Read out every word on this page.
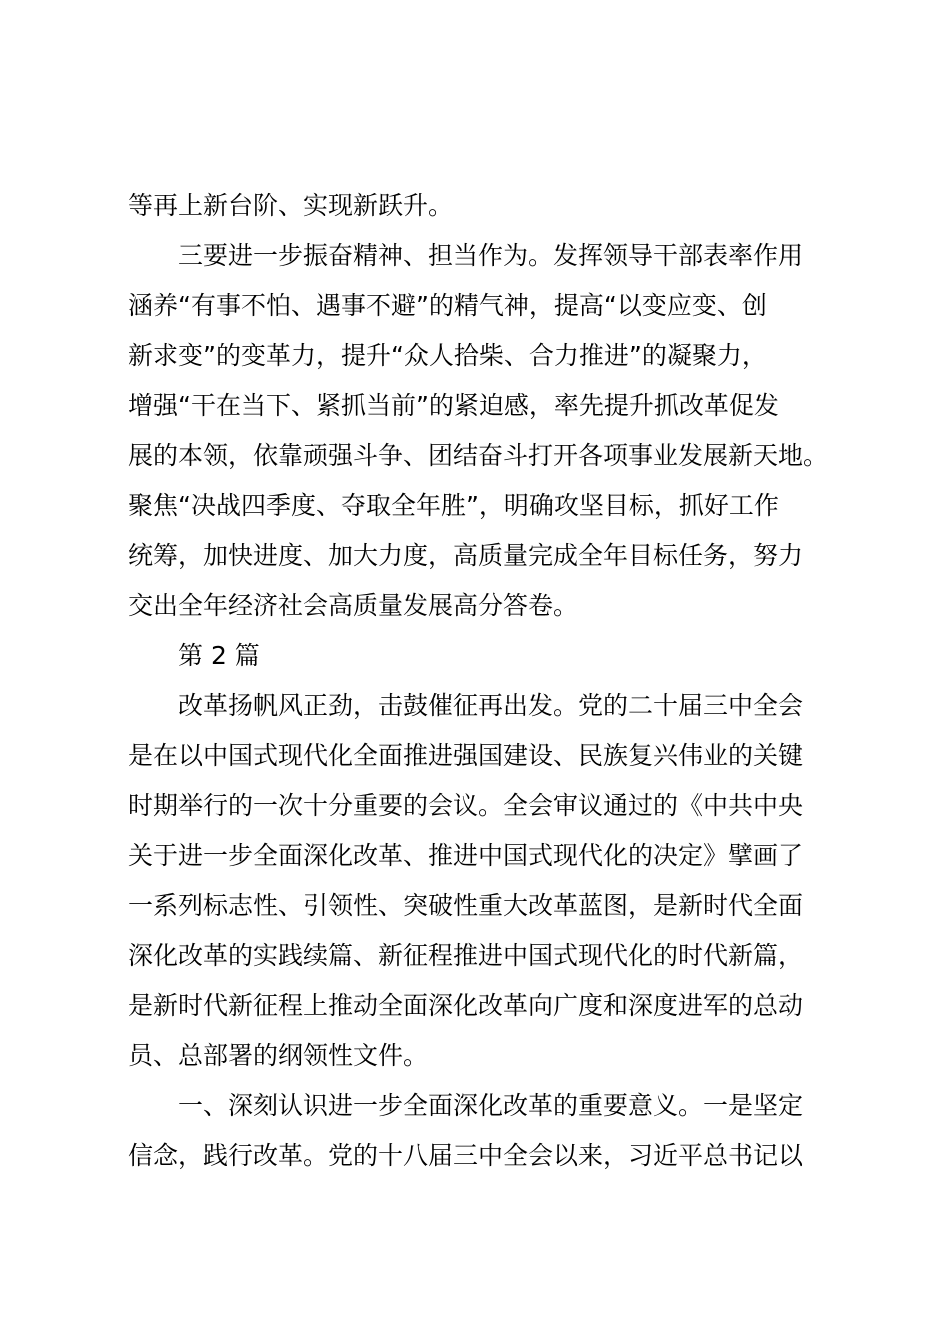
等再上新台阶、实现新跃升。
三要进一步振奋精神、担当作为。发挥领导干部表率作用
涵养“有事不怕、遇事不避”的精气神，提高“以变应变、创
新求变”的变革力，提升“众人拾柴、合力推进”的凝聚力，
增强“干在当下、紧抓当前”的紧迫感，率先提升抓改革促发
展的本领，依靠顽强斗争、团结奋斗打开各项事业发展新天地。
聚焦“决战四季度、夺取全年胜”，明确攻坚目标，抓好工作
统筹，加快进度、加大力度，高质量完成全年目标任务，努力
交出全年经济社会高质量发展高分答卷。
第 2 篇
改革扬帆风正劲，击鼓催征再出发。党的二十届三中全会
是在以中国式现代化全面推进强国建设、民族复兴伟业的关键
时期举行的一次十分重要的会议。全会审议通过的《中共中央
关于进一步全面深化改革、推进中国式现代化的决定》擘画了
一系列标志性、引领性、突破性重大改革蓝图，是新时代全面
深化改革的实践续篇、新征程推进中国式现代化的时代新篇，
是新时代新征程上推动全面深化改革向广度和深度进军的总动
员、总部署的纲领性文件。
一、深刻认识进一步全面深化改革的重要意义。一是坚定
信念，践行改革。党的十八届三中全会以来，习近平总书记以
